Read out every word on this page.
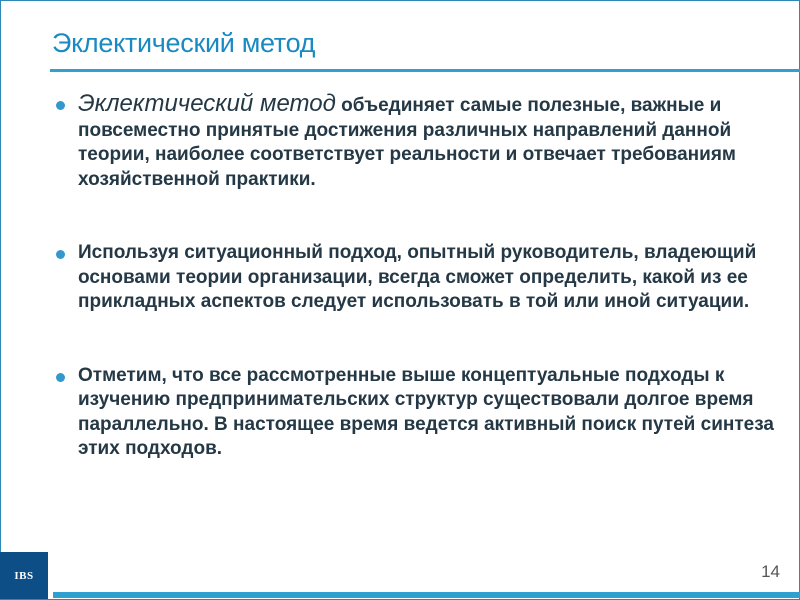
Эклектический метод
Эклектический метод объединяет самые полезные, важные и повсеместно принятые достижения различных направлений данной теории, наиболее соответствует реальности и отвечает требованиям хозяйственной практики.
Используя ситуационный подход, опытный руководитель, владеющий основами теории организации, всегда сможет определить, какой из ее прикладных аспектов следует использовать в той или иной ситуации.
Отметим, что все рассмотренные выше концептуальные подходы к изучению предпринимательских структур существовали долгое время параллельно. В настоящее время ведется активный поиск путей синтеза этих подходов.
IBS	14
